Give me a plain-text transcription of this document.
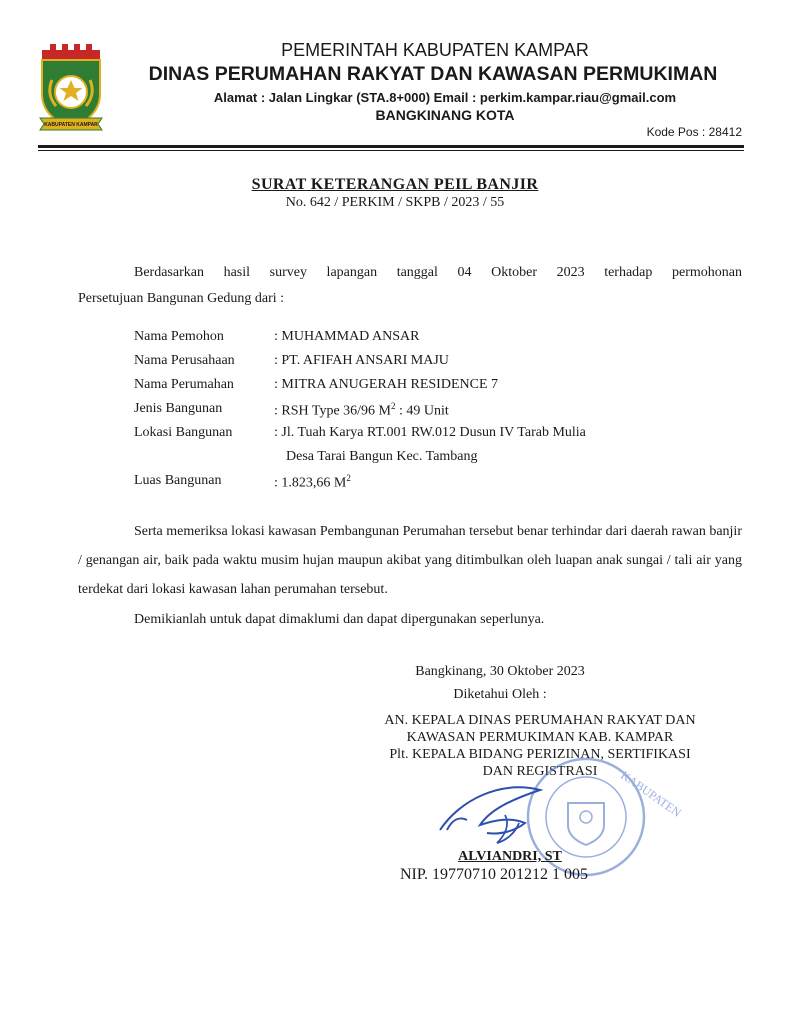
KABUPATEN KAMPAR
PEMERINTAH KABUPATEN KAMPAR
DINAS PERUMAHAN RAKYAT DAN KAWASAN PERMUKIMAN
Alamat : Jalan Lingkar (STA.8+000) Email : perkim.kampar.riau@gmail.com
BANGKINANG KOTA
Kode Pos : 28412
SURAT KETERANGAN PEIL BANJIR
No. 642 / PERKIM / SKPB / 2023 / 55
Berdasarkan hasil survey lapangan tanggal 04 Oktober 2023 terhadap permohonan
Persetujuan Bangunan Gedung dari :
Nama Pemohon	: MUHAMMAD ANSAR
Nama Perusahaan	: PT. AFIFAH ANSARI MAJU
Nama Perumahan	: MITRA ANUGERAH RESIDENCE 7
Jenis Bangunan	: RSH Type 36/96 $M^2$ : 49 Unit
Lokasi Bangunan	: Jl. Tuah Karya RT.001 RW.012 Dusun IV Tarab Mulia
Desa Tarai Bangun Kec. Tambang
Luas Bangunan	: 1.823,66 $M^2$
Serta memeriksa lokasi kawasan Pembangunan Perumahan tersebut benar terhindar dari daerah rawan banjir / genangan air, baik pada waktu musim hujan maupun akibat yang ditimbulkan oleh luapan anak sungai / tali air yang terdekat dari lokasi kawasan lahan perumahan tersebut.
Demikianlah untuk dapat dimaklumi dan dapat dipergunakan seperlunya.
Bangkinang, 30 Oktober 2023
Diketahui Oleh :
AN. KEPALA DINAS PERUMAHAN RAKYAT DAN
KAWASAN PERMUKIMAN KAB. KAMPAR
Plt. KEPALA BIDANG PERIZINAN, SERTIFIKASI
DAN REGISTRASI	KABUPATEN
ALVIANDRI, ST
NIP. 19770710 201212 1 005
